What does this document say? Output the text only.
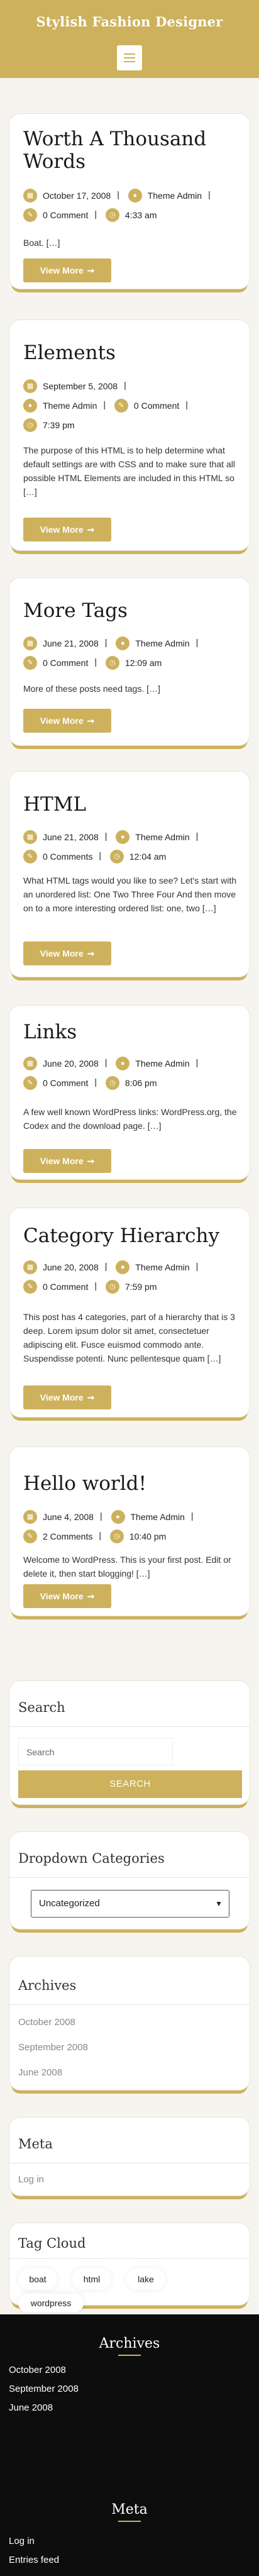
Stylish Fashion Designer
Worth A Thousand Words
▦	October 17, 2008 |	●	Theme Admin |
✎	0 Comment |	◷	4:33 am
Boat. […]
View More ➞
Elements
▦	September 5, 2008 |
●	Theme Admin |	✎	0 Comment |
◷	7:39 pm
The purpose of this HTML is to help determine what default settings are with CSS and to make sure that all possible HTML Elements are included in this HTML so […]
View More ➞
More Tags
▦	June 21, 2008 |	●	Theme Admin |
✎	0 Comment |	◷	12:09 am
More of these posts need tags. […]
View More ➞
HTML
▦	June 21, 2008 |	●	Theme Admin |
✎	0 Comments |	◷	12:04 am
What HTML tags would you like to see? Let's start with an unordered list: One Two Three Four And then move on to a more interesting ordered list: one, two […]
View More ➞
Links
▦	June 20, 2008 |	●	Theme Admin |
✎	0 Comment |	◷	8:06 pm
A few well known WordPress links: WordPress.org, the Codex and the download page. […]
View More ➞
Category Hierarchy
▦	June 20, 2008 |	●	Theme Admin |
✎	0 Comment |	◷	7:59 pm
This post has 4 categories, part of a hierarchy that is 3 deep. Lorem ipsum dolor sit amet, consectetuer adipiscing elit. Fusce euismod commodo ante. Suspendisse potenti. Nunc pellentesque quam […]
View More ➞
Hello world!
▦	June 4, 2008 |	●	Theme Admin |
✎	2 Comments |	◷	10:40 pm
Welcome to WordPress. This is your first post. Edit or delete it, then start blogging! […]
View More ➞
Search
Search
SEARCH
Dropdown Categories
Uncategorized	▼
Archives
October 2008
September 2008
June 2008
Meta
Log in
Tag Cloud
boat	html	lake
wordpress
Archives
October 2008
September 2008
June 2008
Meta
Log in
Entries feed
